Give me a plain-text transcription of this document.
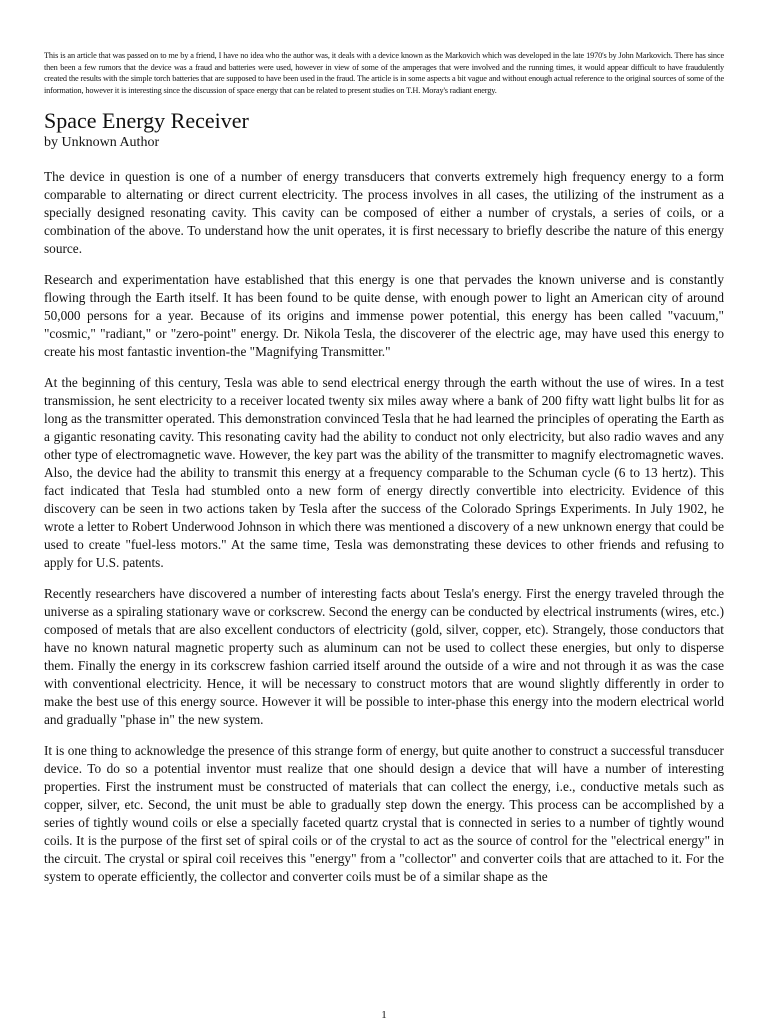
This is an article that was passed on to me by a friend, I have no idea who the author was, it deals with a device known as the Markovich which was developed in the late 1970's by John Markovich. There has since then been a few rumors that the device was a fraud and batteries were used, however in view of some of the amperages that were involved and the running times, it would appear difficult to have fraudulently created the results with the simple torch batteries that are supposed to have been used in the fraud. The article is in some aspects a bit vague and without enough actual reference to the original sources of some of the information, however it is interesting since the discussion of space energy that can be related to present studies on T.H. Moray's radiant energy.

Space Energy Receiver

by Unknown Author

The device in question is one of a number of energy transducers that converts extremely high frequency energy to a form comparable to alternating or direct current electricity. The process involves in all cases, the utilizing of the instrument as a specially designed resonating cavity. This cavity can be composed of either a number of crystals, a series of coils, or a combination of the above. To understand how the unit operates, it is first necessary to briefly describe the nature of this energy source.

Research and experimentation have established that this energy is one that pervades the known universe and is constantly flowing through the Earth itself. It has been found to be quite dense, with enough power to light an American city of around 50,000 persons for a year. Because of its origins and immense power potential, this energy has been called "vacuum," "cosmic," "radiant," or "zero-point" energy. Dr. Nikola Tesla, the discoverer of the electric age, may have used this energy to create his most fantastic invention-the "Magnifying Transmitter."

At the beginning of this century, Tesla was able to send electrical energy through the earth without the use of wires. In a test transmission, he sent electricity to a receiver located twenty six miles away where a bank of 200 fifty watt light bulbs lit for as long as the transmitter operated. This demonstration convinced Tesla that he had learned the principles of operating the Earth as a gigantic resonating cavity. This resonating cavity had the ability to conduct not only electricity, but also radio waves and any other type of electromagnetic wave. However, the key part was the ability of the transmitter to magnify electromagnetic waves. Also, the device had the ability to transmit this energy at a frequency comparable to the Schuman cycle (6 to 13 hertz). This fact indicated that Tesla had stumbled onto a new form of energy directly convertible into electricity. Evidence of this discovery can be seen in two actions taken by Tesla after the success of the Colorado Springs Experiments. In July 1902, he wrote a letter to Robert Underwood Johnson in which there was mentioned a discovery of a new unknown energy that could be used to create "fuel-less motors." At the same time, Tesla was demonstrating these devices to other friends and refusing to apply for U.S. patents.

Recently researchers have discovered a number of interesting facts about Tesla's energy. First the energy traveled through the universe as a spiraling stationary wave or corkscrew. Second the energy can be conducted by electrical instruments (wires, etc.) composed of metals that are also excellent conductors of electricity (gold, silver, copper, etc). Strangely, those conductors that have no known natural magnetic property such as aluminum can not be used to collect these energies, but only to disperse them. Finally the energy in its corkscrew fashion carried itself around the outside of a wire and not through it as was the case with conventional electricity. Hence, it will be necessary to construct motors that are wound slightly differently in order to make the best use of this energy source. However it will be possible to inter-phase this energy into the modern electrical world and gradually "phase in" the new system.

It is one thing to acknowledge the presence of this strange form of energy, but quite another to construct a successful transducer device. To do so a potential inventor must realize that one should design a device that will have a number of interesting properties. First the instrument must be constructed of materials that can collect the energy, i.e., conductive metals such as copper, silver, etc. Second, the unit must be able to gradually step down the energy. This process can be accomplished by a series of tightly wound coils or else a specially faceted quartz crystal that is connected in series to a number of tightly wound coils. It is the purpose of the first set of spiral coils or of the crystal to act as the source of control for the "electrical energy" in the circuit. The crystal or spiral coil receives this "energy" from a "collector" and converter coils that are attached to it. For the system to operate efficiently, the collector and converter coils must be of a similar shape as the

1
